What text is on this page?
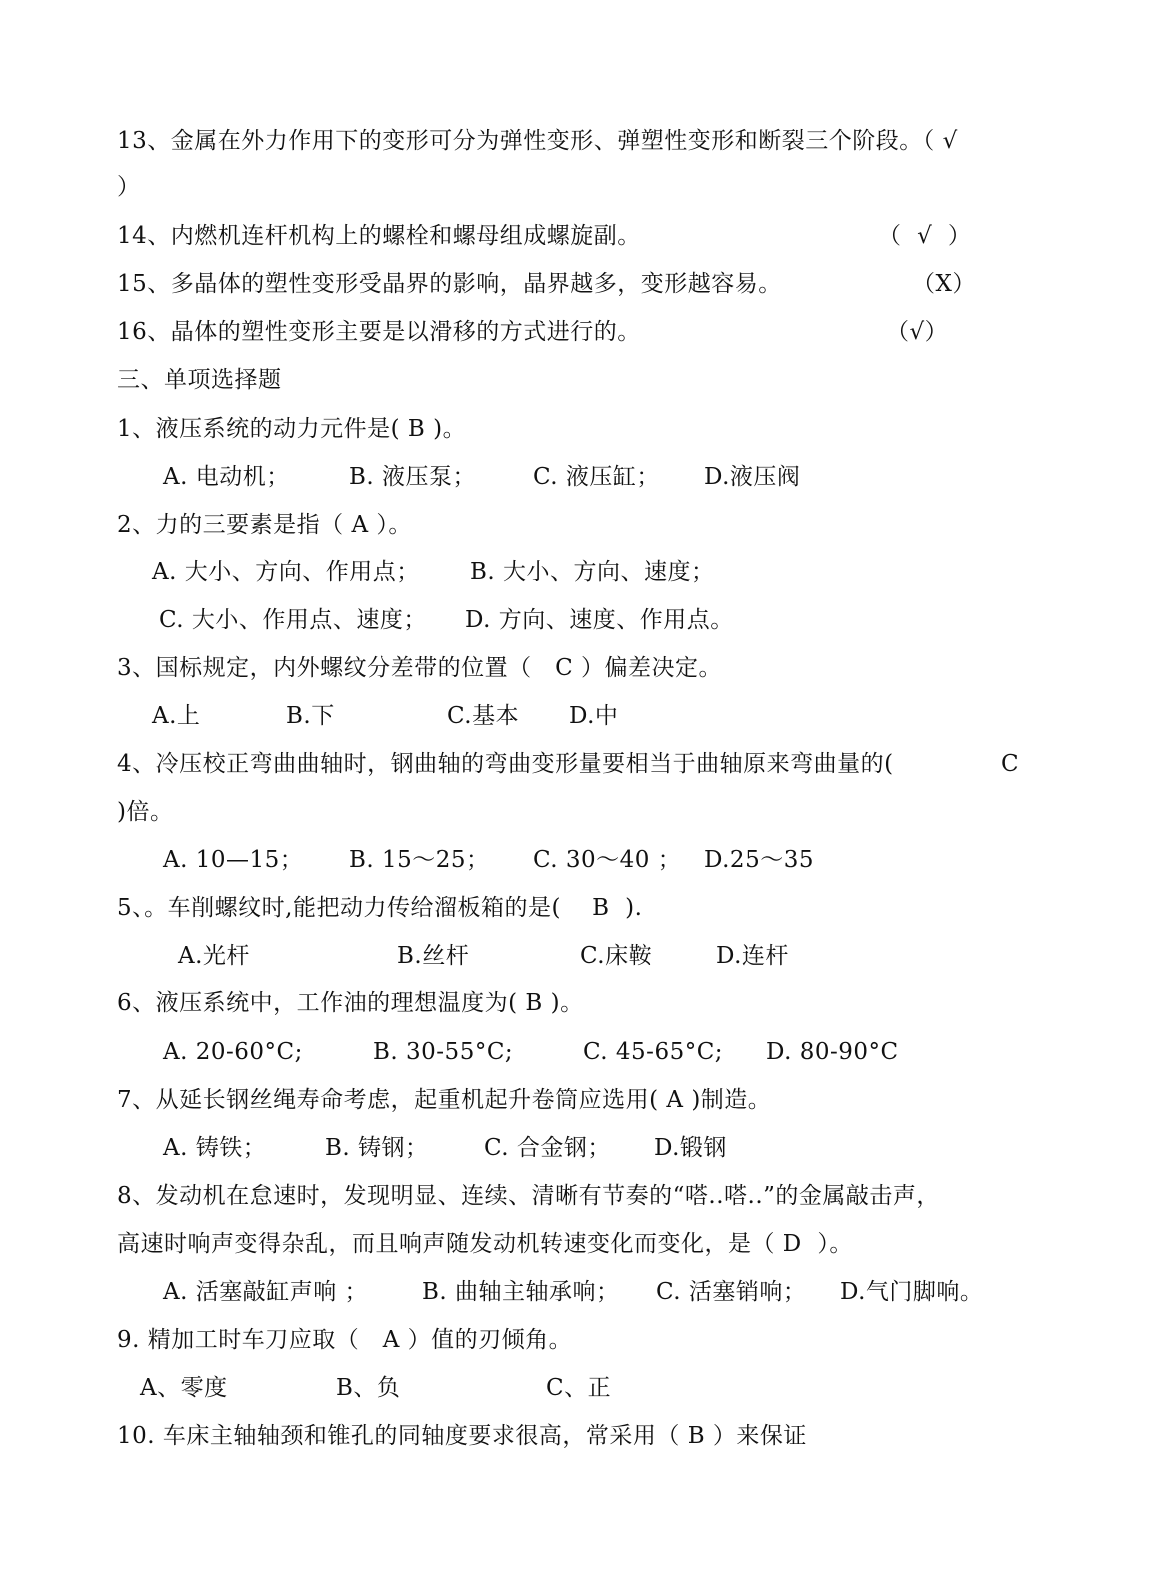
13、金属在外力作用下的变形可分为弹性变形、弹塑性变形和断裂三个阶段。（ √
）
14、内燃机连杆机构上的螺栓和螺母组成螺旋副。	（  √  ）
15、多晶体的塑性变形受晶界的影响，晶界越多，变形越容易。	（X）
16、晶体的塑性变形主要是以滑移的方式进行的。	（√）
三、单项选择题
1、液压系统的动力元件是( B )。
A. 电动机；	B. 液压泵； C. 液压缸； D.液压阀
2、力的三要素是指（ A ）。
A. 大小、方向、作用点； B. 大小、方向、速度；
C. 大小、作用点、速度； D. 方向、速度、作用点。
3、国标规定，内外螺纹分差带的位置（   C ）偏差决定。
A.上	B.下	C.基本 D.中
4、冷压校正弯曲曲轴时，钢曲轴的弯曲变形量要相当于曲轴原来弯曲量的(	C
)倍。
A. 10—15； B. 15～25； C. 30～40 ； D.25～35
5、。车削螺纹时,能把动力传给溜板箱的是(    B  ).
A.光杆	B.丝杆	C.床鞍	D.连杆
6、液压系统中，工作油的理想温度为( B )。
A. 20-60°C;	B. 30-55°C;	C. 45-65°C; D. 80-90°C
7、从延长钢丝绳寿命考虑，起重机起升卷筒应选用( A )制造。
A. 铸铁；	B. 铸钢； C. 合金钢； D.锻钢
8、发动机在怠速时，发现明显、连续、清晰有节奏的“嗒..嗒..”的金属敲击声，
高速时响声变得杂乱，而且响声随发动机转速变化而变化，是（ D  ）。
A. 活塞敲缸声响 ； B. 曲轴主轴承响； C. 活塞销响； D.气门脚响。
9. 精加工时车刀应取（   A ）值的刃倾角。
A、零度	B、负	C、正
10. 车床主轴轴颈和锥孔的同轴度要求很高，常采用（ B ）来保证
